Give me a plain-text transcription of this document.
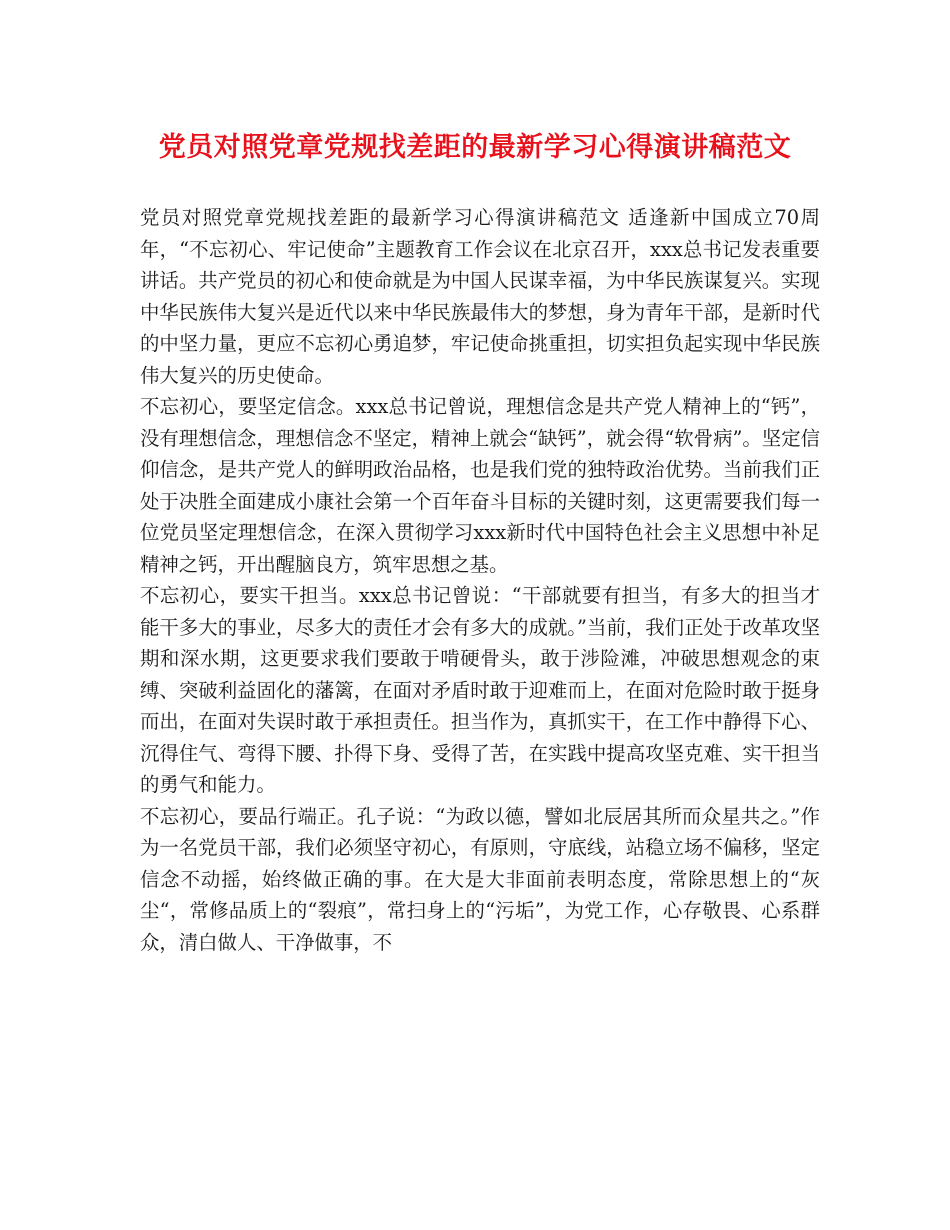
党员对照党章党规找差距的最新学习心得演讲稿范文

党员对照党章党规找差距的最新学习心得演讲稿范文 适逢新中国成立70周年，“不忘初心、牢记使命”主题教育工作会议在北京召开，xxx总书记发表重要讲话。共产党员的初心和使命就是为中国人民谋幸福，为中华民族谋复兴。实现中华民族伟大复兴是近代以来中华民族最伟大的梦想，身为青年干部，是新时代的中坚力量，更应不忘初心勇追梦，牢记使命挑重担，切实担负起实现中华民族伟大复兴的历史使命。

不忘初心，要坚定信念。xxx总书记曾说，理想信念是共产党人精神上的“钙”，没有理想信念，理想信念不坚定，精神上就会“缺钙”，就会得“软骨病”。坚定信仰信念，是共产党人的鲜明政治品格，也是我们党的独特政治优势。当前我们正处于决胜全面建成小康社会第一个百年奋斗目标的关键时刻，这更需要我们每一位党员坚定理想信念，在深入贯彻学习xxx新时代中国特色社会主义思想中补足精神之钙，开出醒脑良方，筑牢思想之基。

不忘初心，要实干担当。xxx总书记曾说：“干部就要有担当，有多大的担当才能干多大的事业，尽多大的责任才会有多大的成就。”当前，我们正处于改革攻坚期和深水期，这更要求我们要敢于啃硬骨头，敢于涉险滩，冲破思想观念的束缚、突破利益固化的藩篱，在面对矛盾时敢于迎难而上，在面对危险时敢于挺身而出，在面对失误时敢于承担责任。担当作为，真抓实干，在工作中静得下心、沉得住气、弯得下腰、扑得下身、受得了苦，在实践中提高攻坚克难、实干担当的勇气和能力。

不忘初心，要品行端正。孔子说：“为政以德，譬如北辰居其所而众星共之。”作为一名党员干部，我们必须坚守初心，有原则，守底线，站稳立场不偏移，坚定信念不动摇，始终做正确的事。在大是大非面前表明态度，常除思想上的“灰尘“，常修品质上的“裂痕”，常扫身上的“污垢”，为党工作，心存敬畏、心系群众，清白做人、干净做事，不
